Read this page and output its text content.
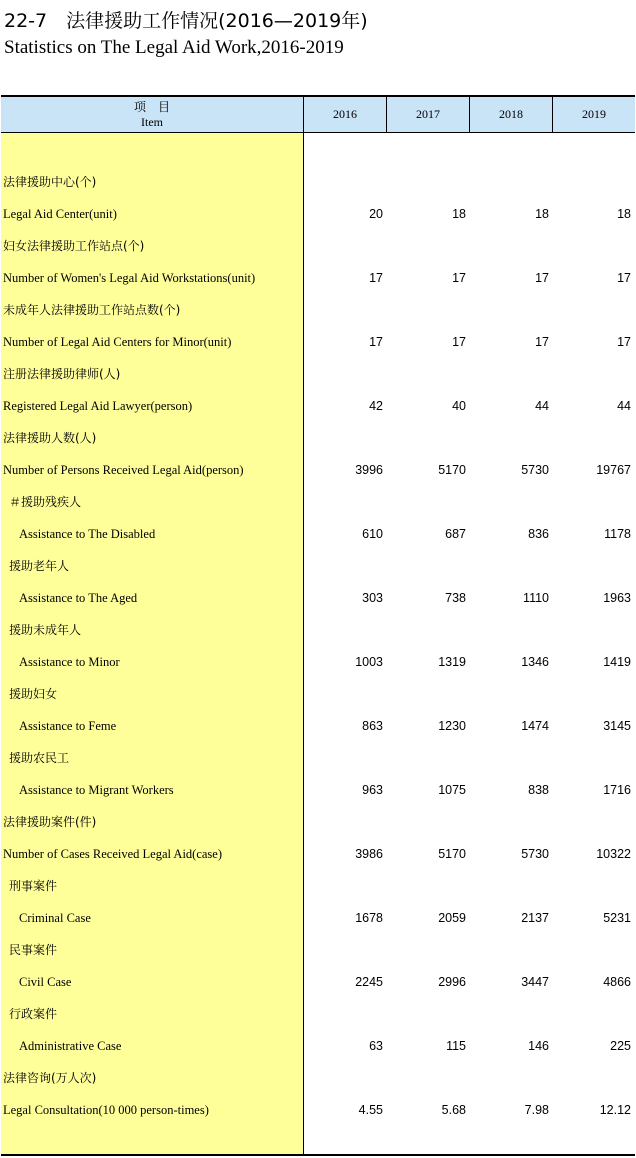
22-7　法律援助工作情况(2016—2019年)
Statistics on The Legal Aid Work,2016-2019
项　目
Item
2016	2017	2018	2019
法律援助中心(个)
Legal Aid Center(unit)	20	18	18	18
妇女法律援助工作站点(个)
Number of Women's Legal Aid Workstations(unit)	17	17	17	17
未成年人法律援助工作站点数(个)
Number of Legal Aid Centers for Minor(unit)	17	17	17	17
注册法律援助律师(人)
Registered Legal Aid Lawyer(person)	42	40	44	44
法律援助人数(人)
Number of Persons Received Legal Aid(person)	3996	5170	5730	19767
＃援助残疾人
Assistance to The Disabled	610	687	836	1178
援助老年人
Assistance to The Aged	303	738	1110	1963
援助未成年人
Assistance to Minor	1003	1319	1346	1419
援助妇女
Assistance to Feme	863	1230	1474	3145
援助农民工
Assistance to Migrant Workers	963	1075	838	1716
法律援助案件(件)
Number of Cases Received Legal Aid(case)	3986	5170	5730	10322
刑事案件
Criminal Case	1678	2059	2137	5231
民事案件
Civil Case	2245	2996	3447	4866
行政案件
Administrative Case	63	115	146	225
法律咨询(万人次)
Legal Consultation(10 000 person-times)	4.55	5.68	7.98	12.12
